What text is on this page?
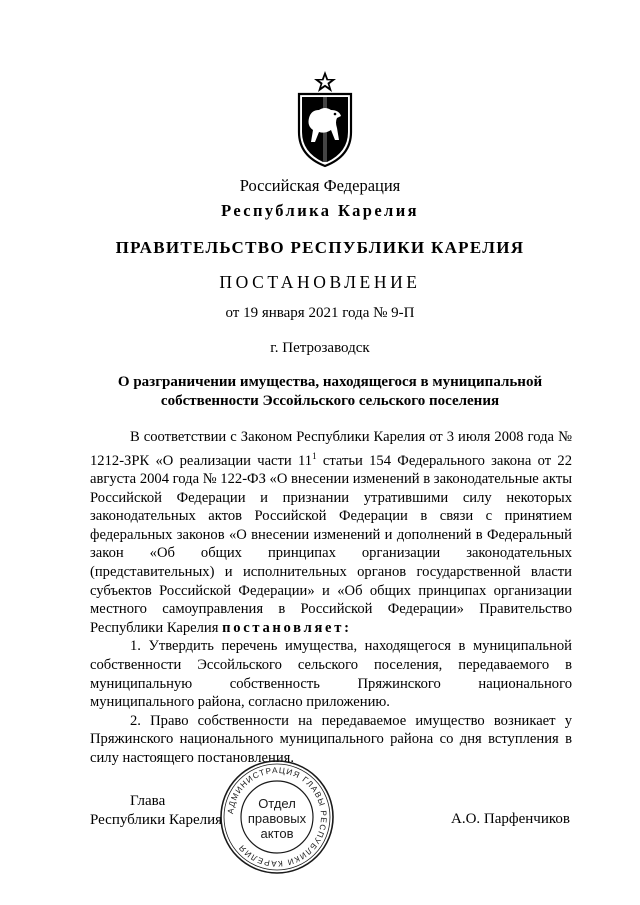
Российская Федерация
Республика Карелия
ПРАВИТЕЛЬСТВО РЕСПУБЛИКИ КАРЕЛИЯ
ПОСТАНОВЛЕНИЕ
от 19 января 2021 года № 9-П
г. Петрозаводск
О разграничении имущества, находящегося в муниципальной
собственности Эссойльского сельского поселения

В соответствии с Законом Республики Карелия от 3 июля 2008 года № 1212-ЗРК «О реализации части $11^1$ статьи 154 Федерального закона от 22 августа 2004 года № 122-ФЗ «О внесении изменений в законодательные акты Российской Федерации и признании утратившими силу некоторых законодательных актов Российской Федерации в связи с принятием федеральных законов «О внесении изменений и дополнений в Федеральный закон «Об общих принципах организации законодательных (представительных) и исполнительных органов государственной власти субъектов Российской Федерации» и «Об общих принципах организации местного самоуправления в Российской Федерации» Правительство Республики Карелия постановляет:

1. Утвердить перечень имущества, находящегося в муниципальной собственности Эссойльского сельского поселения, передаваемого в муниципальную собственность Пряжинского национального муниципального района, согласно приложению.

2. Право собственности на передаваемое имущество возникает у Пряжинского национального муниципального района со дня вступления в силу настоящего постановления.

Глава
Республики Карелия	А.О. Парфенчиков
АДМИНИСТРАЦИЯ ГЛАВЫ РЕСПУБЛИКИ КАРЕЛИЯ
Отдел
правовых
актов
